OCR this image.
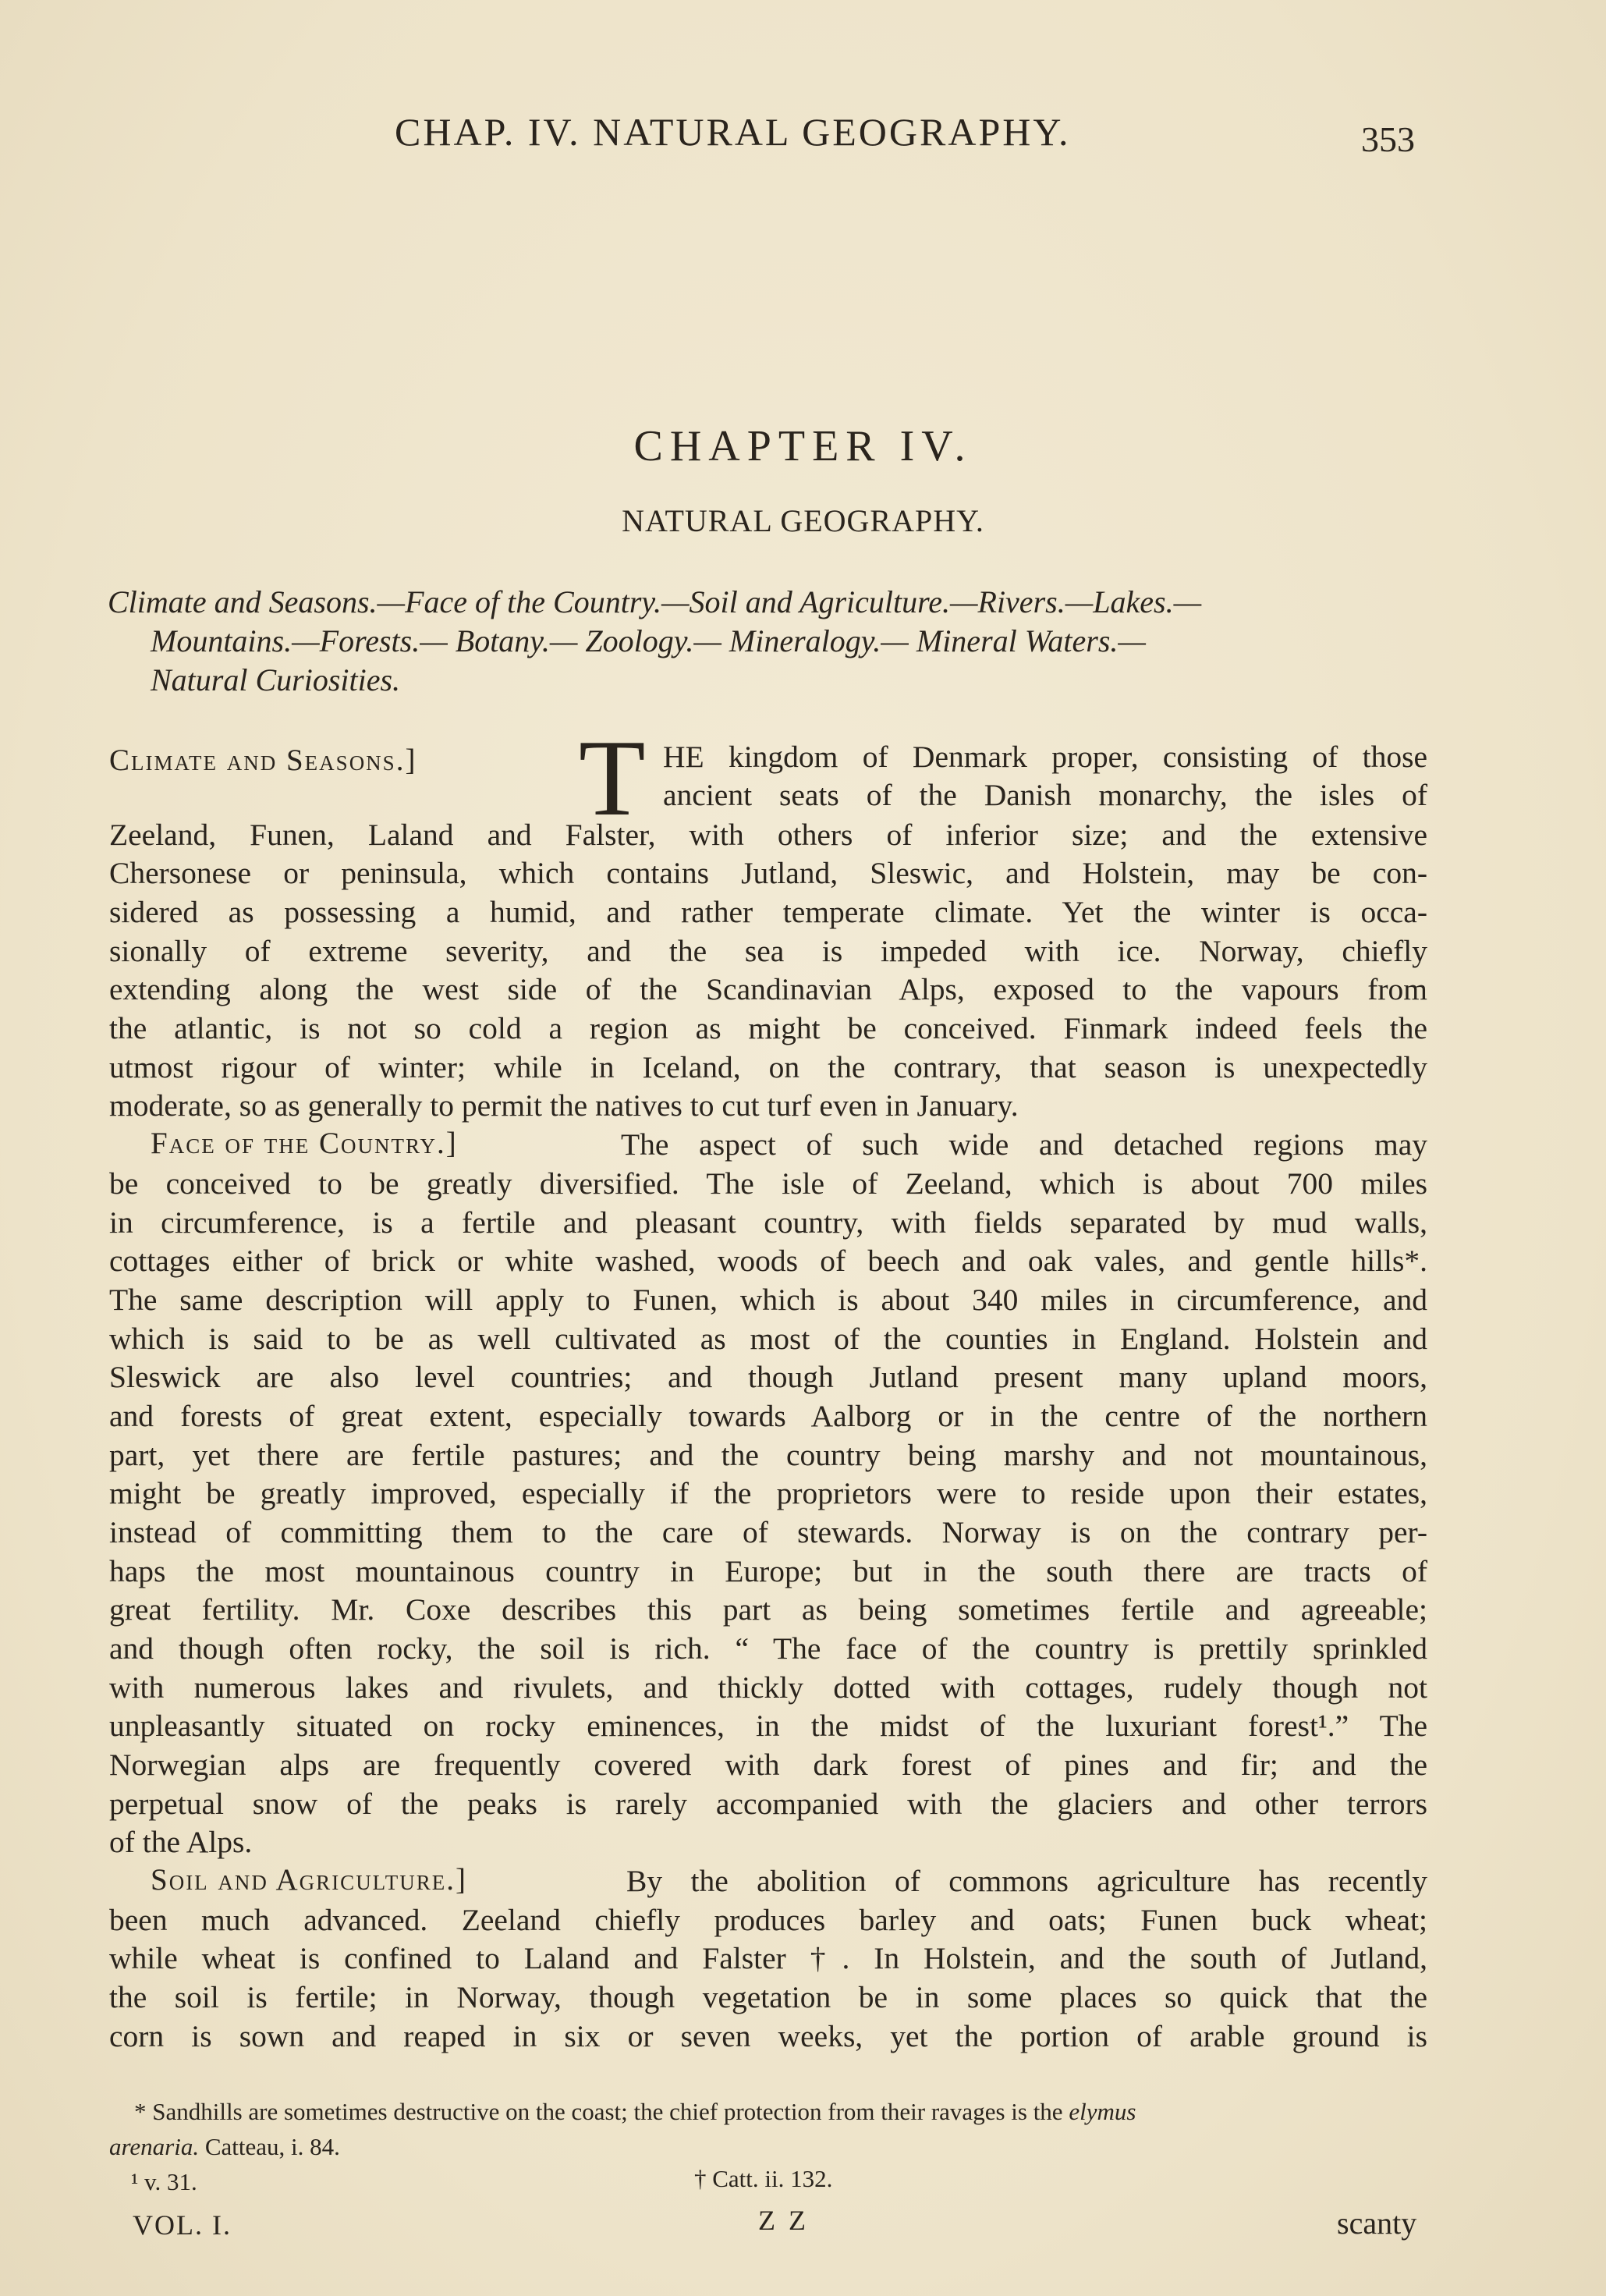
CHAP. IV. NATURAL GEOGRAPHY.	353
CHAPTER IV.
NATURAL GEOGRAPHY.
Climate and Seasons.—Face of the Country.—Soil and Agriculture.—Rivers.—Lakes.—
Mountains.—Forests.— Botany.— Zoology.— Mineralogy.— Mineral Waters.—
Natural Curiosities.
Climate and Seasons.] T HE kingdom of Denmark proper, consisting of those
ancient seats of the Danish monarchy, the isles of
Zeeland, Funen, Laland and Falster, with others of inferior size; and the extensive
Chersonese or peninsula, which contains Jutland, Sleswic, and Holstein, may be con-
sidered as possessing a humid, and rather temperate climate. Yet the winter is occa-
sionally of extreme severity, and the sea is impeded with ice. Norway, chiefly
extending along the west side of the Scandinavian Alps, exposed to the vapours from
the atlantic, is not so cold a region as might be conceived. Finmark indeed feels the
utmost rigour of winter; while in Iceland, on the contrary, that season is unexpectedly
moderate, so as generally to permit the natives to cut turf even in January.
Face of the Country.]	The aspect of such wide and detached regions may
be conceived to be greatly diversified. The isle of Zeeland, which is about 700 miles
in circumference, is a fertile and pleasant country, with fields separated by mud walls,
cottages either of brick or white washed, woods of beech and oak vales, and gentle hills*.
The same description will apply to Funen, which is about 340 miles in circumference, and
which is said to be as well cultivated as most of the counties in England. Holstein and
Sleswick are also level countries; and though Jutland present many upland moors,
and forests of great extent, especially towards Aalborg or in the centre of the northern
part, yet there are fertile pastures; and the country being marshy and not mountainous,
might be greatly improved, especially if the proprietors were to reside upon their estates,
instead of committing them to the care of stewards. Norway is on the contrary per-
haps the most mountainous country in Europe; but in the south there are tracts of
great fertility. Mr. Coxe describes this part as being sometimes fertile and agreeable;
and though often rocky, the soil is rich. “ The face of the country is prettily sprinkled
with numerous lakes and rivulets, and thickly dotted with cottages, rudely though not
unpleasantly situated on rocky eminences, in the midst of the luxuriant forest¹.” The
Norwegian alps are frequently covered with dark forest of pines and fir; and the
perpetual snow of the peaks is rarely accompanied with the glaciers and other terrors
of the Alps.
Soil and Agriculture.]	By the abolition of commons agriculture has recently
been much advanced. Zeeland chiefly produces barley and oats; Funen buck wheat;
while wheat is confined to Laland and Falster †. In Holstein, and the south of Jutland,
the soil is fertile; in Norway, though vegetation be in some places so quick that the
corn is sown and reaped in six or seven weeks, yet the portion of arable ground is
* Sandhills are sometimes destructive on the coast; the chief protection from their ravages is the elymus
arenaria. Catteau, i. 84.
¹ v. 31.	† Catt. ii. 132.
VOL. I.	Z Z	scanty
